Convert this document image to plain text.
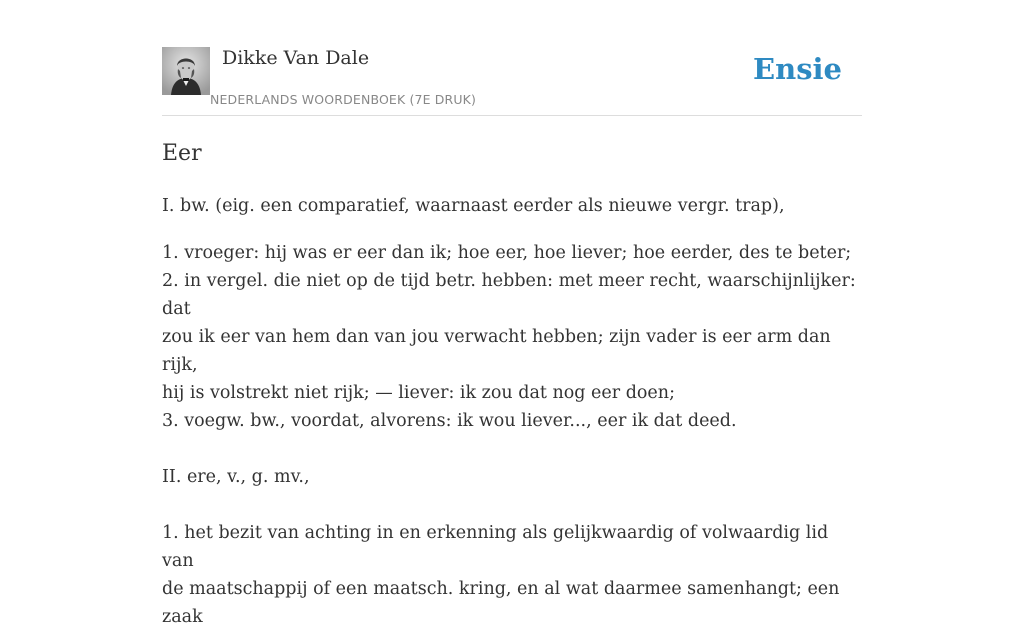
Dikke Van Dale
NEDERLANDS WOORDENBOEK (7E DRUK)
Ensie
Eer

I. bw. (eig. een comparatief, waarnaast eerder als nieuwe vergr. trap),

1. vroeger: hij was er eer dan ik; hoe eer, hoe liever; hoe eerder, des te beter;

2. in vergel. die niet op de tijd betr. hebben: met meer recht, waarschijnlijker: dat

zou ik eer van hem dan van jou verwacht hebben; zijn vader is eer arm dan rijk,

hij is volstrekt niet rijk; — liever: ik zou dat nog eer doen;

3. voegw. bw., voordat, alvorens: ik wou liever..., eer ik dat deed.

II. ere, v., g. mv.,

1. het bezit van achting in en erkenning als gelijkwaardig of volwaardig lid van

de maatschappij of een maatsch. kring, en al wat daarmee samenhangt; een zaak
